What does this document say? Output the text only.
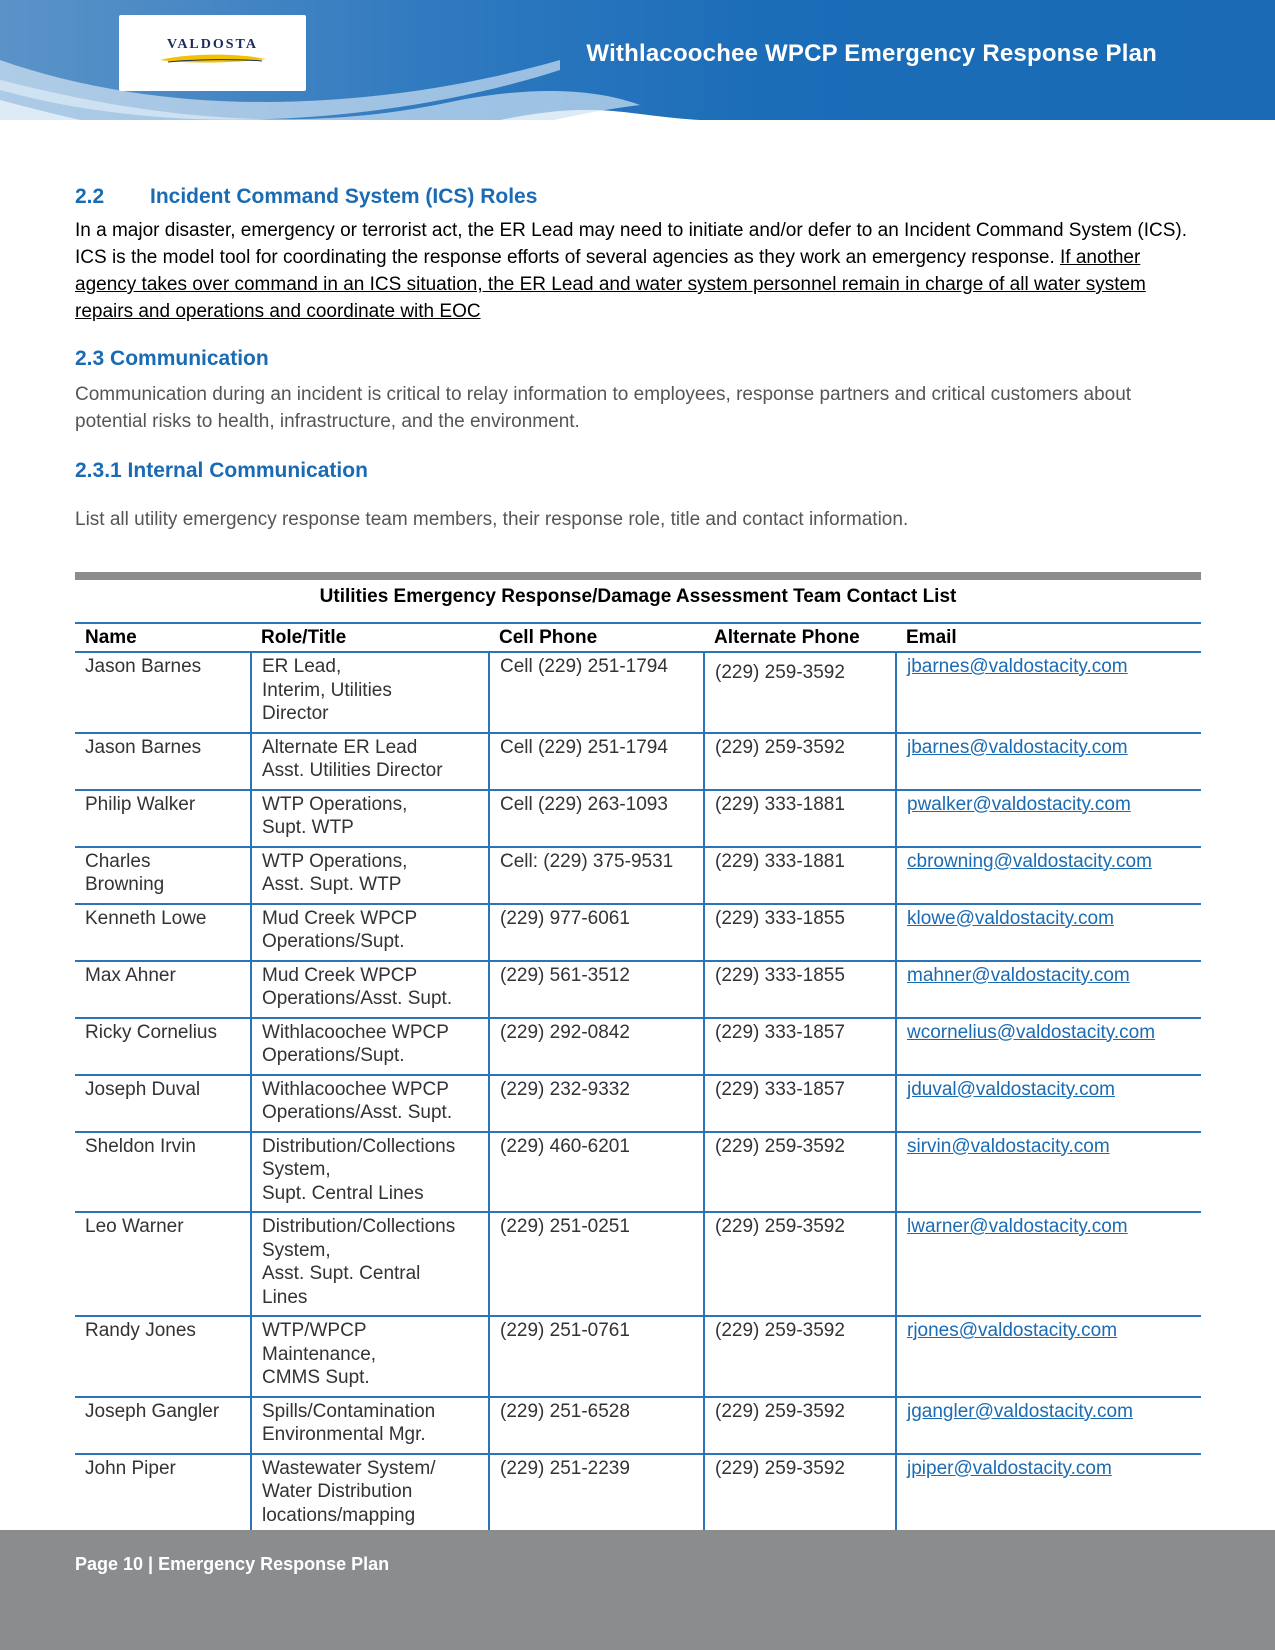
VALDOSTA	Withlacoochee WPCP Emergency Response Plan
2.2 Incident Command System (ICS) Roles

In a major disaster, emergency or terrorist act, the ER Lead may need to initiate and/or defer to an Incident Command System (ICS). ICS is the model tool for coordinating the response efforts of several agencies as they work an emergency response. If another agency takes over command in an ICS situation, the ER Lead and water system personnel remain in charge of all water system repairs and operations and coordinate with EOC

2.3 Communication

Communication during an incident is critical to relay information to employees, response partners and critical customers about potential risks to health, infrastructure, and the environment.

2.3.1 Internal Communication

List all utility emergency response team members, their response role, title and contact information.

Utilities Emergency Response/Damage Assessment Team Contact List
Name	Role/Title	Cell Phone	Alternate Phone	Email
Jason Barnes	ER Lead,
Interim, Utilities
Director	Cell (229) 251-1794	(229) 259-3592	jbarnes@valdostacity.com
Jason Barnes	Alternate ER Lead
Asst. Utilities Director	Cell (229) 251-1794	(229) 259-3592	jbarnes@valdostacity.com
Philip Walker	WTP Operations,
Supt. WTP	Cell (229) 263-1093	(229) 333-1881	pwalker@valdostacity.com
Charles
Browning	WTP Operations,
Asst. Supt. WTP	Cell: (229) 375-9531	(229) 333-1881	cbrowning@valdostacity.com
Kenneth Lowe	Mud Creek WPCP
Operations/Supt.	(229) 977-6061	(229) 333-1855	klowe@valdostacity.com
Max Ahner	Mud Creek WPCP
Operations/Asst. Supt.	(229) 561-3512	(229) 333-1855	mahner@valdostacity.com
Ricky Cornelius	Withlacoochee WPCP
Operations/Supt.	(229) 292-0842	(229) 333-1857	wcornelius@valdostacity.com
Joseph Duval	Withlacoochee WPCP
Operations/Asst. Supt.	(229) 232-9332	(229) 333-1857	jduval@valdostacity.com
Sheldon Irvin	Distribution/Collections
System,
Supt. Central Lines	(229) 460-6201	(229) 259-3592	sirvin@valdostacity.com
Leo Warner	Distribution/Collections
System,
Asst. Supt. Central
Lines	(229) 251-0251	(229) 259-3592	lwarner@valdostacity.com
Randy Jones	WTP/WPCP
Maintenance,
CMMS Supt.	(229) 251-0761	(229) 259-3592	rjones@valdostacity.com
Joseph Gangler	Spills/Contamination
Environmental Mgr.	(229) 251-6528	(229) 259-3592	jgangler@valdostacity.com
John Piper	Wastewater System/
Water Distribution
locations/mapping	(229) 251-2239	(229) 259-3592	jpiper@valdostacity.com
Page 10 | Emergency Response Plan
